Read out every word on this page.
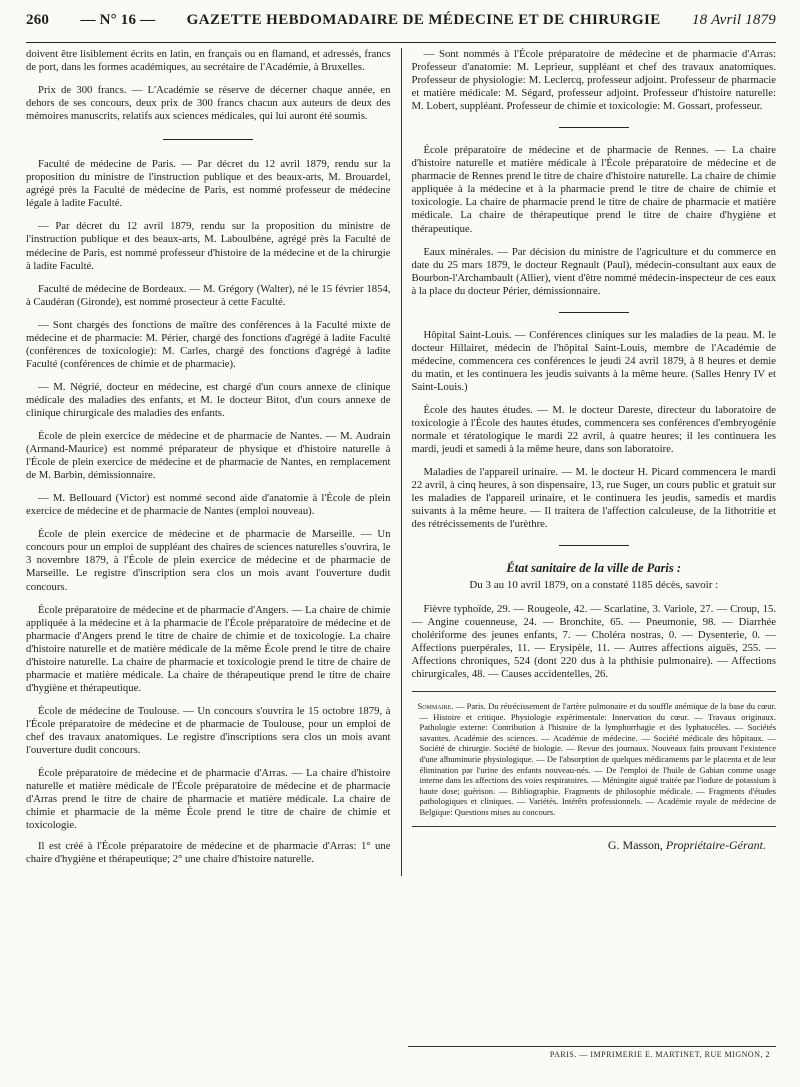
260 — N° 16 — GAZETTE HEBDOMADAIRE DE MÉDECINE ET DE CHIRURGIE 18 Avril 1879

doivent être lisiblement écrits en latin, en français ou en flamand, et adressés, francs de port, dans les formes académiques, au secrétaire de l'Académie, à Bruxelles.

Prix de 300 francs. — L'Académie se réserve de décerner chaque année, en dehors de ses concours, deux prix de 300 francs chacun aux auteurs de deux des mémoires manuscrits, relatifs aux sciences médicales, qui lui auront été soumis.

Faculté de médecine de Paris. — Par décret du 12 avril 1879, rendu sur la proposition du ministre de l'instruction publique et des beaux-arts, M. Brouardel, agrégé près la Faculté de médecine de Paris, est nommé professeur de médecine légale à ladite Faculté.

— Par décret du 12 avril 1879, rendu sur la proposition du ministre de l'instruction publique et des beaux-arts, M. Laboulbène, agrégé près la Faculté de médecine de Paris, est nommé professeur d'histoire de la médecine et de la chirurgie à ladite Faculté.

Faculté de médecine de Bordeaux. — M. Grégory (Walter), né le 15 février 1854, à Caudéran (Gironde), est nommé prosecteur à cette Faculté.

— Sont chargés des fonctions de maître des conférences à la Faculté mixte de médecine et de pharmacie: M. Périer, chargé des fonctions d'agrégé à ladite Faculté (conférences de toxicologie): M. Carles, chargé des fonctions d'agrégé à ladite Faculté (conférences de chimie et de pharmacie).

— M. Négrié, docteur en médecine, est chargé d'un cours annexe de clinique médicale des maladies des enfants, et M. le docteur Bitot, d'un cours annexe de clinique chirurgicale des maladies des enfants.

École de plein exercice de médecine et de pharmacie de Nantes. — M. Audrain (Armand-Maurice) est nommé préparateur de physique et d'histoire naturelle à l'École de plein exercice de médecine et de pharmacie de Nantes, en remplacement de M. Barbin, démissionnaire.

— M. Bellouard (Victor) est nommé second aide d'anatomie à l'École de plein exercice de médecine et de pharmacie de Nantes (emploi nouveau).

École de plein exercice de médecine et de pharmacie de Marseille. — Un concours pour un emploi de suppléant des chaires de sciences naturelles s'ouvrira, le 3 novembre 1879, à l'École de plein exercice de médecine et de pharmacie de Marseille. Le registre d'inscription sera clos un mois avant l'ouverture dudit concours.

École préparatoire de médecine et de pharmacie d'Angers. — La chaire de chimie appliquée à la médecine et à la pharmacie de l'École préparatoire de médecine et de pharmacie d'Angers prend le titre de chaire de chimie et de toxicologie. La chaire d'histoire naturelle et de matière médicale de la même École prend le titre de chaire d'histoire naturelle. La chaire de pharmacie et toxicologie prend le titre de chaire de pharmacie et matière médicale. La chaire de thérapeutique prend le titre de chaire d'hygiène et thérapeutique.

École de médecine de Toulouse. — Un concours s'ouvrira le 15 octobre 1879, à l'École préparatoire de médecine et de pharmacie de Toulouse, pour un emploi de chef des travaux anatomiques. Le registre d'inscriptions sera clos un mois avant l'ouverture dudit concours.

École préparatoire de médecine et de pharmacie d'Arras. — La chaire d'histoire naturelle et matière médicale de l'École préparatoire de médecine et de pharmacie d'Arras prend le titre de chaire de pharmacie et matière médicale. La chaire de chimie et pharmacie de la même École prend le titre de chaire de chimie et toxicologie.

Il est créé à l'École préparatoire de médecine et de pharmacie d'Arras: 1° une chaire d'hygiène et thérapeutique; 2° une chaire d'histoire naturelle.

— Sont nommés à l'École préparatoire de médecine et de pharmacie d'Arras: Professeur d'anatomie: M. Leprieur, suppléant et chef des travaux anatomiques. Professeur de physiologie: M. Leclercq, professeur adjoint. Professeur de pharmacie et matière médicale: M. Ségard, professeur adjoint. Professeur d'histoire naturelle: M. Lobert, suppléant. Professeur de chimie et toxicologie: M. Gossart, professeur.

École préparatoire de médecine et de pharmacie de Rennes. — La chaire d'histoire naturelle et matière médicale à l'École préparatoire de médecine et de pharmacie de Rennes prend le titre de chaire d'histoire naturelle. La chaire de chimie appliquée à la médecine et à la pharmacie prend le titre de chaire de chimie et toxicologie. La chaire de pharmacie prend le titre de chaire de pharmacie et matière médicale. La chaire de thérapeutique prend le titre de chaire d'hygiène et thérapeutique.

Eaux minérales. — Par décision du ministre de l'agriculture et du commerce en date du 25 mars 1879, le docteur Regnault (Paul), médecin-consultant aux eaux de Bourbon-l'Archambault (Allier), vient d'être nommé médecin-inspecteur de ces eaux à la place du docteur Périer, démissionnaire.

Hôpital Saint-Louis. — Conférences cliniques sur les maladies de la peau. M. le docteur Hillairet, médecin de l'hôpital Saint-Louis, membre de l'Académie de médecine, commencera ces conférences le jeudi 24 avril 1879, à 8 heures et demie du matin, et les continuera les jeudis suivants à la même heure. (Salles Henry IV et Saint-Louis.)

École des hautes études. — M. le docteur Dareste, directeur du laboratoire de toxicologie à l'École des hautes études, commencera ses conférences d'embryogénie normale et tératologique le mardi 22 avril, à quatre heures; il les continuera les mardi, jeudi et samedi à la même heure, dans son laboratoire.

Maladies de l'appareil urinaire. — M. le docteur H. Picard commencera le mardi 22 avril, à cinq heures, à son dispensaire, 13, rue Suger, un cours public et gratuit sur les maladies de l'appareil urinaire, et le continuera les jeudis, samedis et mardis suivants à la même heure. — Il traitera de l'affection calculeuse, de la lithotritie et des rétrécissements de l'urèthre.

État sanitaire de la ville de Paris :
Du 3 au 10 avril 1879, on a constaté 1185 décès, savoir :

Fièvre typhoïde, 29. — Rougeole, 42. — Scarlatine, 3. Variole, 27. — Croup, 15. — Angine couenneuse, 24. — Bronchite, 65. — Pneumonie, 98. — Diarrhée cholériforme des jeunes enfants, 7. — Choléra nostras, 0. — Dysenterie, 0. — Affections puerpérales, 11. — Erysipèle, 11. — Autres affections aiguës, 255. — Affections chroniques, 524 (dont 220 dus à la phthisie pulmonaire). — Affections chirurgicales, 48. — Causes accidentelles, 26.

Sommaire. — Paris. Du rétrécissement de l'artère pulmonaire et du souffle anémique de la base du cœur. — Histoire et critique. Physiologie expérimentale: Innervation du cœur. — Travaux originaux. Pathologie externe: Contribution à l'histoire de la lymphorrhagie et des lyphatocèles. — Sociétés savantes. Académie des sciences. — Académie de médecine. — Société médicale des hôpitaux. — Société de chirurgie. Société de biologie. — Revue des journaux. Nouveaux faits prouvant l'existence d'une albuminurie physiologique. — De l'absorption de quelques médicaments par le placenta et de leur élimination par l'urine des enfants nouveau-nés. — De l'emploi de l'huile de Gabian comme usage interne dans les affections des voies respiratoires. — Méningite aiguë traitée par l'iodure de potassium à haute dose; guérison. — Bibliographie. Fragments de philosophie médicale. — Fragments d'études pathologiques et cliniques. — Variétés. Intérêts professionnels. — Académie royale de médecine de Belgique: Questions mises au concours.

G. Masson, Propriétaire-Gérant.
PARIS. — IMPRIMERIE E. MARTINET, RUE MIGNON, 2
